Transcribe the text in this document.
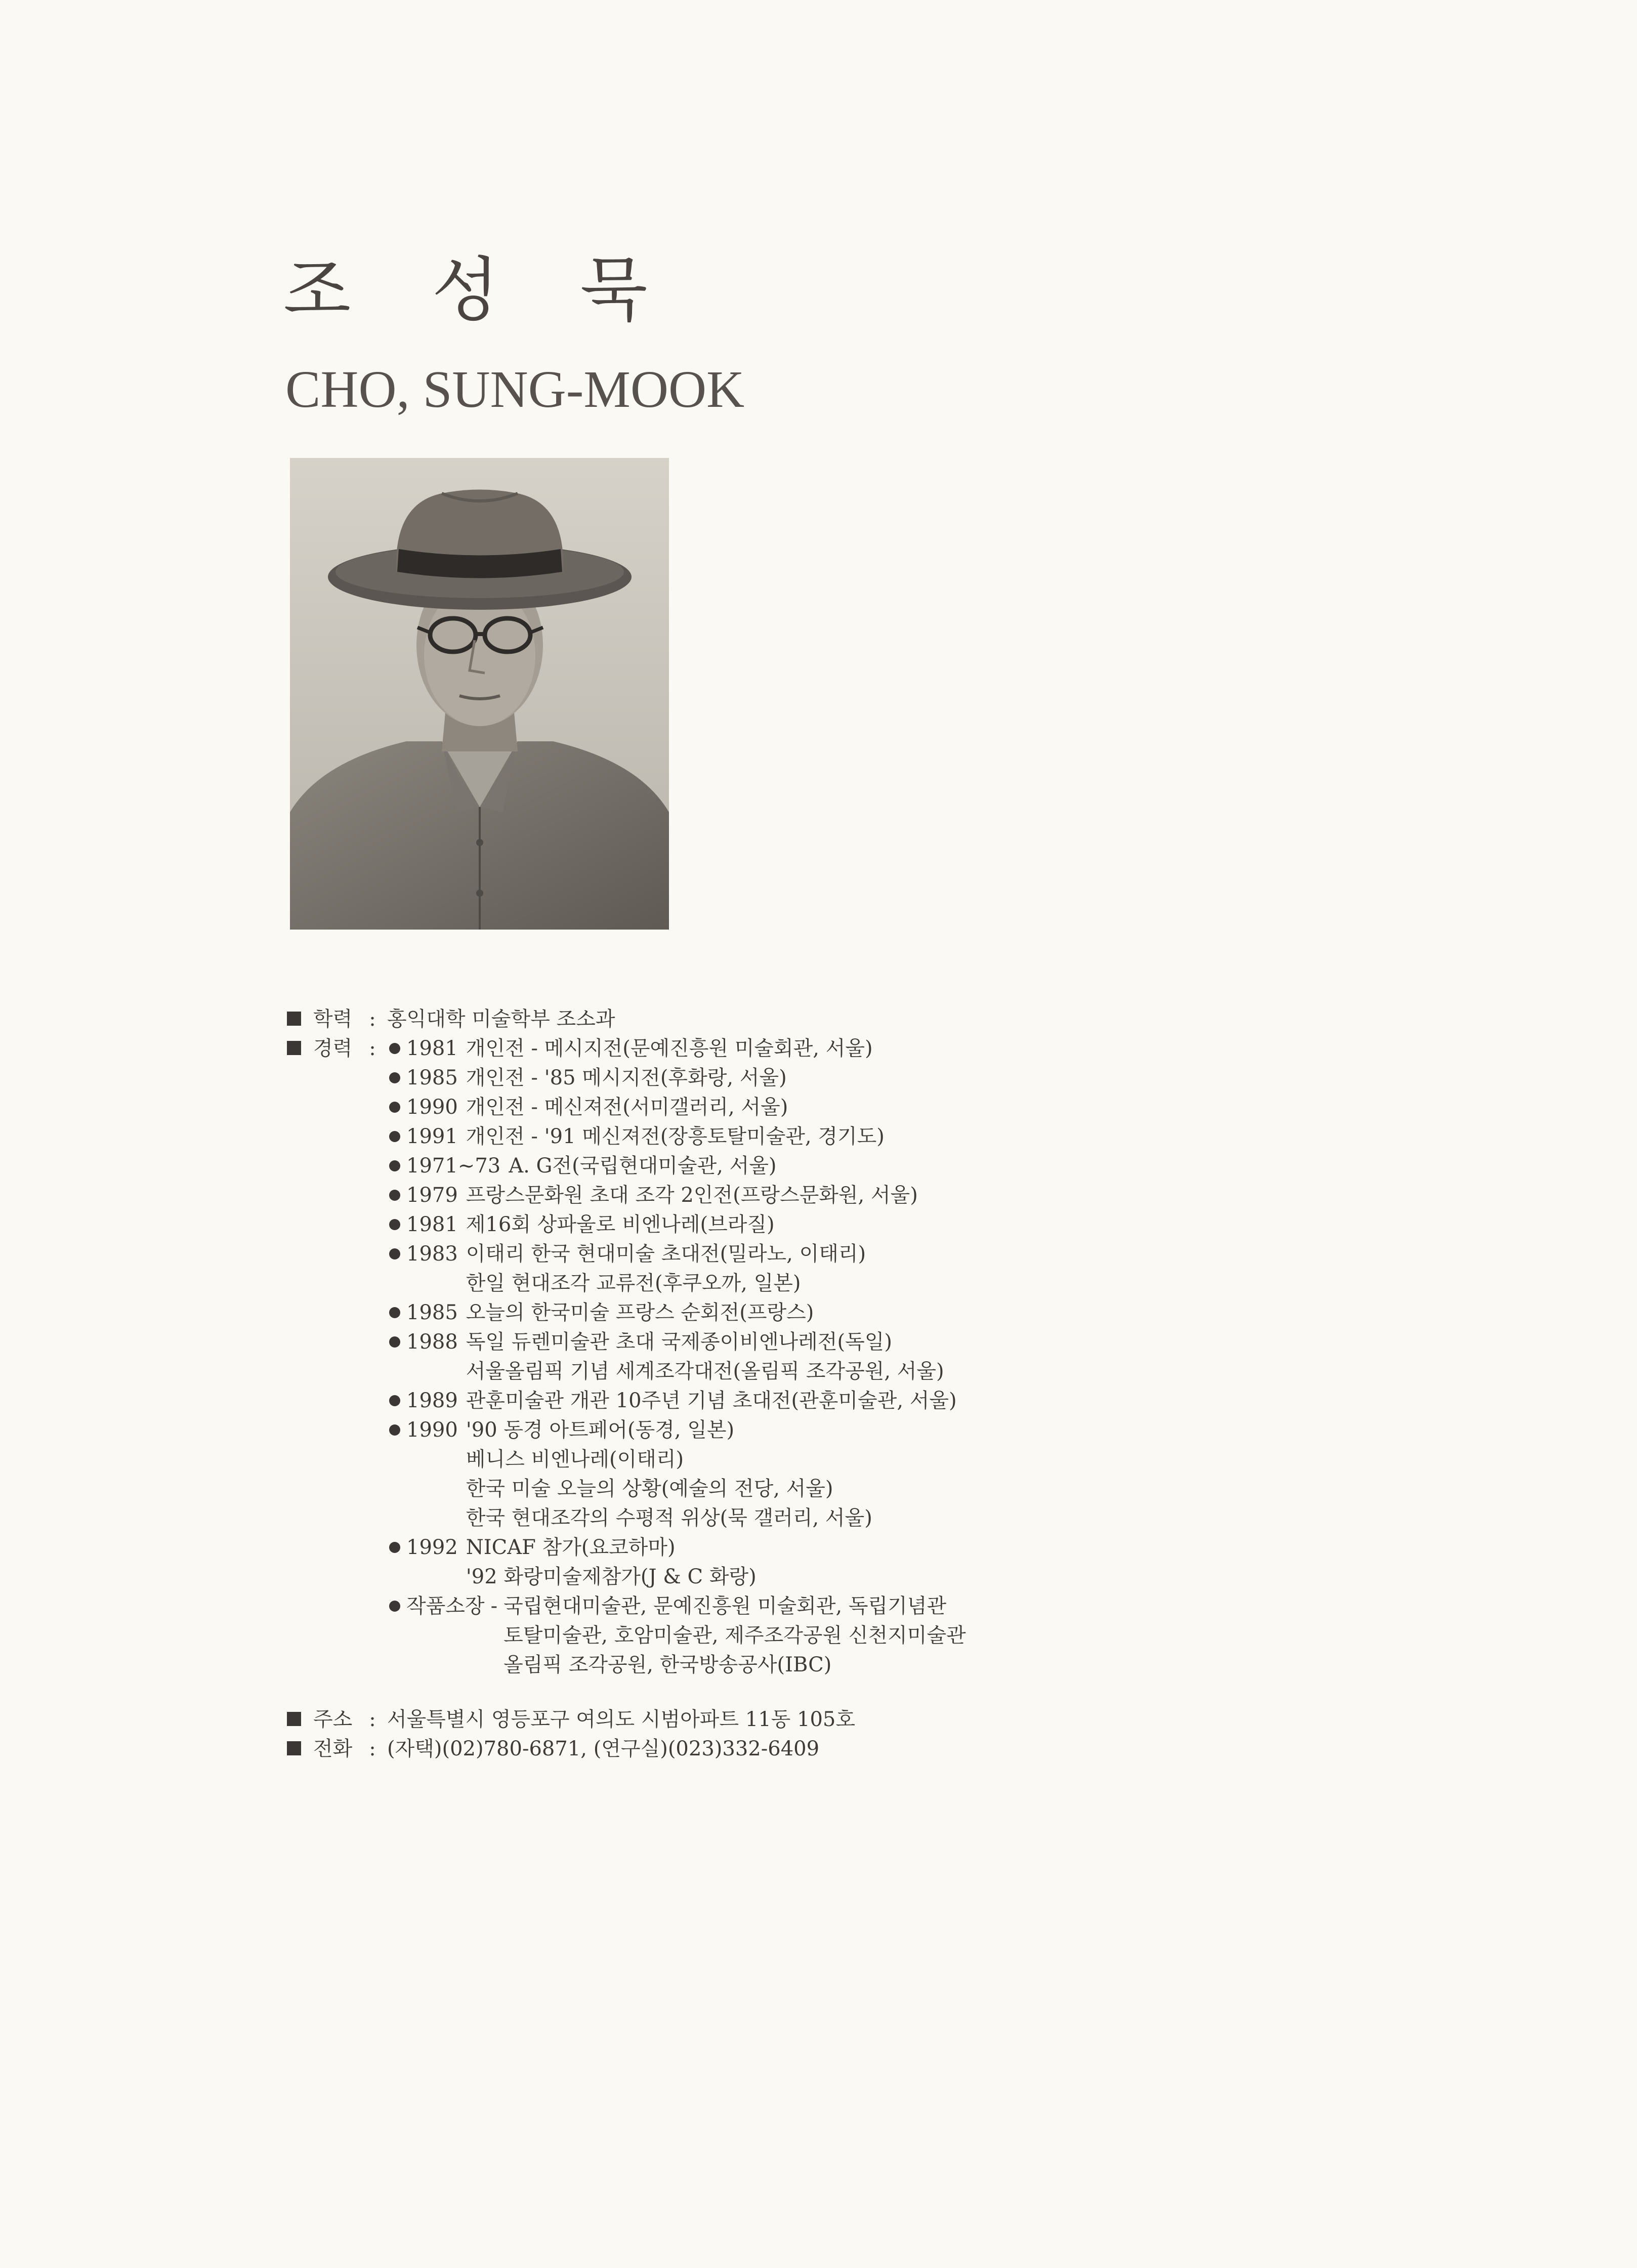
조 성 묵
CHO, SUNG-MOOK
학력 : 홍익대학 미술학부 조소과
경력 :	1981 개인전 - 메시지전(문예진흥원 미술회관, 서울)
1985 개인전 - '85 메시지전(후화랑, 서울)
1990 개인전 - 메신져전(서미갤러리, 서울)
1991 개인전 - '91 메신져전(장흥토탈미술관, 경기도)
1971~73 A. G전(국립현대미술관, 서울)
1979 프랑스문화원 초대 조각 2인전(프랑스문화원, 서울)
1981 제16회 상파울로 비엔나레(브라질)
1983 이태리 한국 현대미술 초대전(밀라노, 이태리)
한일 현대조각 교류전(후쿠오까, 일본)
1985 오늘의 한국미술 프랑스 순회전(프랑스)
1988 독일 듀렌미술관 초대 국제종이비엔나레전(독일)
서울올림픽 기념 세계조각대전(올림픽 조각공원, 서울)
1989 관훈미술관 개관 10주년 기념 초대전(관훈미술관, 서울)
1990 '90 동경 아트페어(동경, 일본)
베니스 비엔나레(이태리)
한국 미술 오늘의 상황(예술의 전당, 서울)
한국 현대조각의 수평적 위상(묵 갤러리, 서울)
1992 NICAF 참가(요코하마)
'92 화랑미술제참가(J & C 화랑)
작품소장 - 국립현대미술관, 문예진흥원 미술회관, 독립기념관
토탈미술관, 호암미술관, 제주조각공원 신천지미술관
올림픽 조각공원, 한국방송공사(IBC)
주소 : 서울특별시 영등포구 여의도 시범아파트 11동 105호
전화 : (자택)(02)780-6871, (연구실)(023)332-6409
